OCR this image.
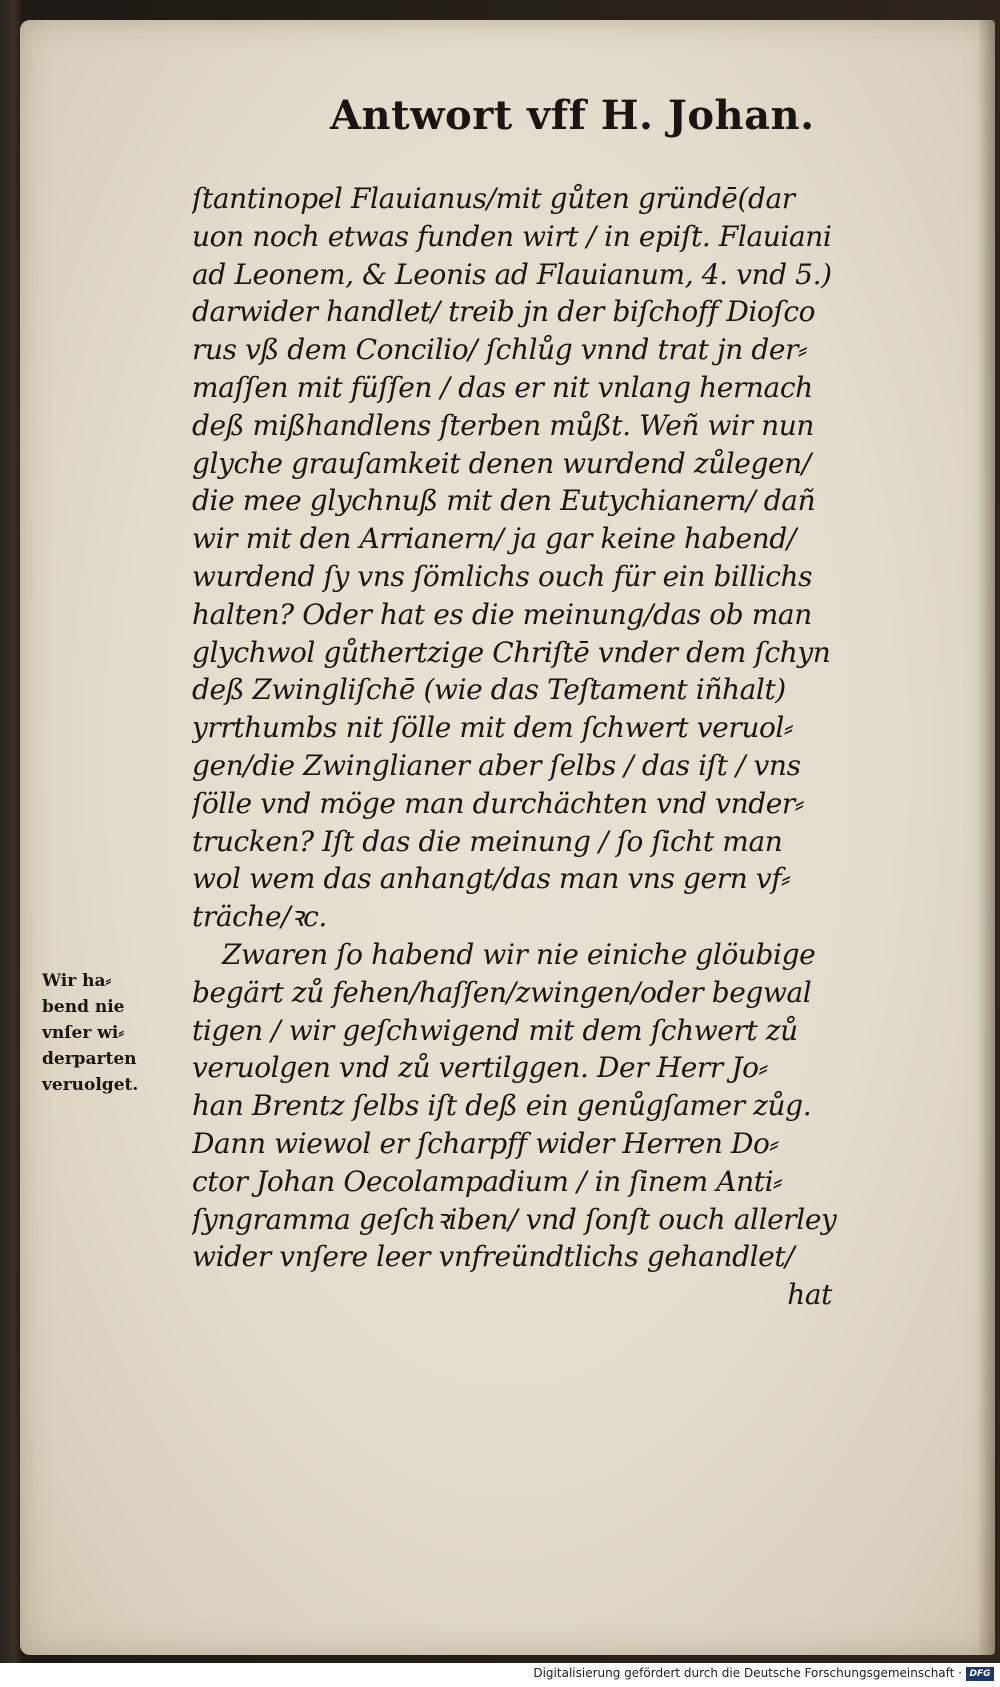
Antwort vff H. Johan.
ſtantinopel Flauianus/mit gůten gründē(dar
uon noch etwas funden wirt / in epiſt. Flauiani
ad Leonem, & Leonis ad Flauianum, 4. vnd 5.)
darwider handlet/ treib jn der biſchoff Dioſco
rus vß dem Concilio/ ſchlůg vnnd trat jn der⸗
maſſen mit füſſen / das er nit vnlang hernach
deß mißhandlens ſterben můßt. Weñ wir nun
glyche grauſamkeit denen wurdend zůlegen/
die mee glychnuß mit den Eutychianern/ dañ
wir mit den Arrianern/ ja gar keine habend/
wurdend ſy vns ſömlichs ouch für ein billichs
halten? Oder hat es die meinung/das ob man
glychwol gůthertzige Chriſtē vnder dem ſchyn
deß Zwingliſchē (wie das Teſtament iñhalt)
yrrthumbs nit ſölle mit dem ſchwert veruol⸗
gen/die Zwinglianer aber ſelbs / das iſt / vns
ſölle vnd möge man durchächten vnd vnder⸗
trucken? Iſt das die meinung / ſo ſicht man
wol wem das anhangt/das man vns gern vf⸗
träche/ꝛc.
Zwaren ſo habend wir nie einiche glöubige
begärt zů fehen/haſſen/zwingen/oder begwal
tigen / wir geſchwigend mit dem ſchwert zů
veruolgen vnd zů vertilggen. Der Herr Jo⸗
han Brentz ſelbs iſt deß ein genůgſamer zůg.
Dann wiewol er ſcharpff wider Herren Do⸗
ctor Johan Oecolampadium / in ſinem Anti⸗
ſyngramma geſchꝛiben/ vnd ſonſt ouch allerley
wider vnſere leer vnfreündtlichs gehandlet/
hat
Wir ha⸗
bend nie
vnſer wi⸗
derparten
veruolget.
Digitalisierung gefördert durch die Deutsche Forschungsgemeinschaft · DFG
